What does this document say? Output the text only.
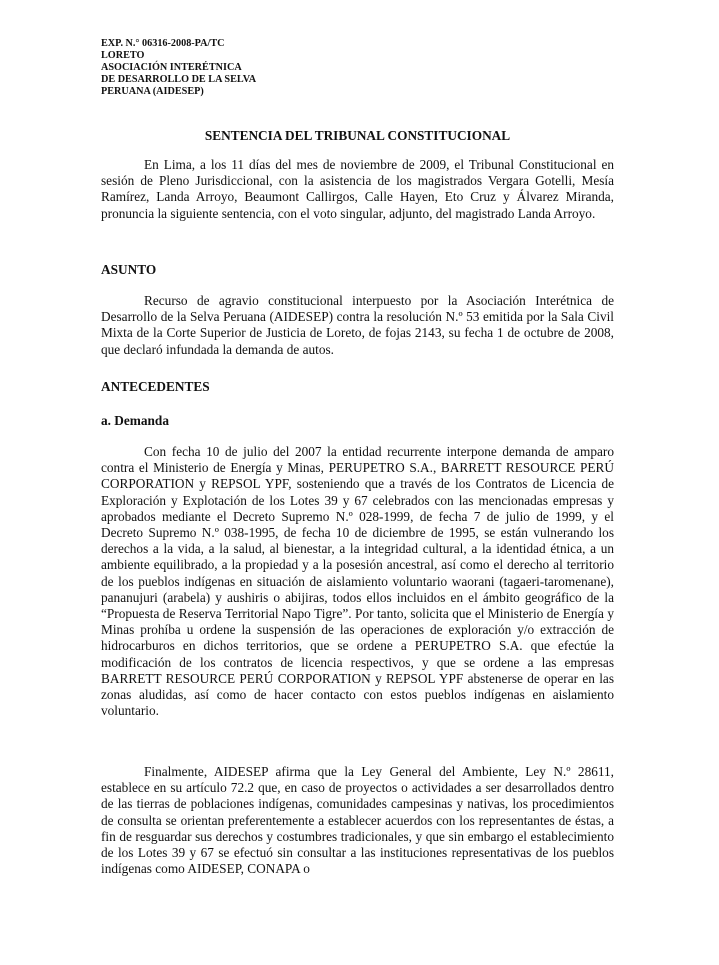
EXP. N.° 06316-2008-PA/TC
LORETO
ASOCIACIÓN INTERÉTNICA
DE DESARROLLO DE LA SELVA
PERUANA (AIDESEP)
SENTENCIA DEL TRIBUNAL CONSTITUCIONAL

En Lima, a los 11 días del mes de noviembre de 2009, el Tribunal Constitucional en sesión de Pleno Jurisdiccional, con la asistencia de los magistrados Vergara Gotelli, Mesía Ramírez, Landa Arroyo, Beaumont Callirgos, Calle Hayen, Eto Cruz y Álvarez Miranda, pronuncia la siguiente sentencia, con el voto singular, adjunto, del magistrado Landa Arroyo.

ASUNTO

Recurso de agravio constitucional interpuesto por la Asociación Interétnica de Desarrollo de la Selva Peruana (AIDESEP) contra la resolución N.º 53 emitida por la Sala Civil Mixta de la Corte Superior de Justicia de Loreto, de fojas 2143, su fecha 1 de octubre de 2008, que declaró infundada la demanda de autos.

ANTECEDENTES
a. Demanda

Con fecha 10 de julio del 2007 la entidad recurrente interpone demanda de amparo contra el Ministerio de Energía y Minas, PERUPETRO S.A., BARRETT RESOURCE PERÚ CORPORATION y REPSOL YPF, sosteniendo que a través de los Contratos de Licencia de Exploración y Explotación de los Lotes 39 y 67 celebrados con las mencionadas empresas y aprobados mediante el Decreto Supremo N.º 028-1999, de fecha 7 de julio de 1999, y el Decreto Supremo N.º 038-1995, de fecha 10 de diciembre de 1995, se están vulnerando los derechos a la vida, a la salud, al bienestar, a la integridad cultural, a la identidad étnica, a un ambiente equilibrado, a la propiedad y a la posesión ancestral, así como el derecho al territorio de los pueblos indígenas en situación de aislamiento voluntario waorani (tagaeri-taromenane), pananujuri (arabela) y aushiris o abijiras, todos ellos incluidos en el ámbito geográfico de la “Propuesta de Reserva Territorial Napo Tigre”. Por tanto, solicita que el Ministerio de Energía y Minas prohíba u ordene la suspensión de las operaciones de exploración y/o extracción de hidrocarburos en dichos territorios, que se ordene a PERUPETRO S.A. que efectúe la modificación de los contratos de licencia respectivos, y que se ordene a las empresas BARRETT RESOURCE PERÚ CORPORATION y REPSOL YPF abstenerse de operar en las zonas aludidas, así como de hacer contacto con estos pueblos indígenas en aislamiento voluntario.

Finalmente, AIDESEP afirma que la Ley General del Ambiente, Ley N.º 28611, establece en su artículo 72.2 que, en caso de proyectos o actividades a ser desarrollados dentro de las tierras de poblaciones indígenas, comunidades campesinas y nativas, los procedimientos de consulta se orientan preferentemente a establecer acuerdos con los representantes de éstas, a fin de resguardar sus derechos y costumbres tradicionales, y que sin embargo el establecimiento de los Lotes 39 y 67 se efectuó sin consultar a las instituciones representativas de los pueblos indígenas como AIDESEP, CONAPA o
